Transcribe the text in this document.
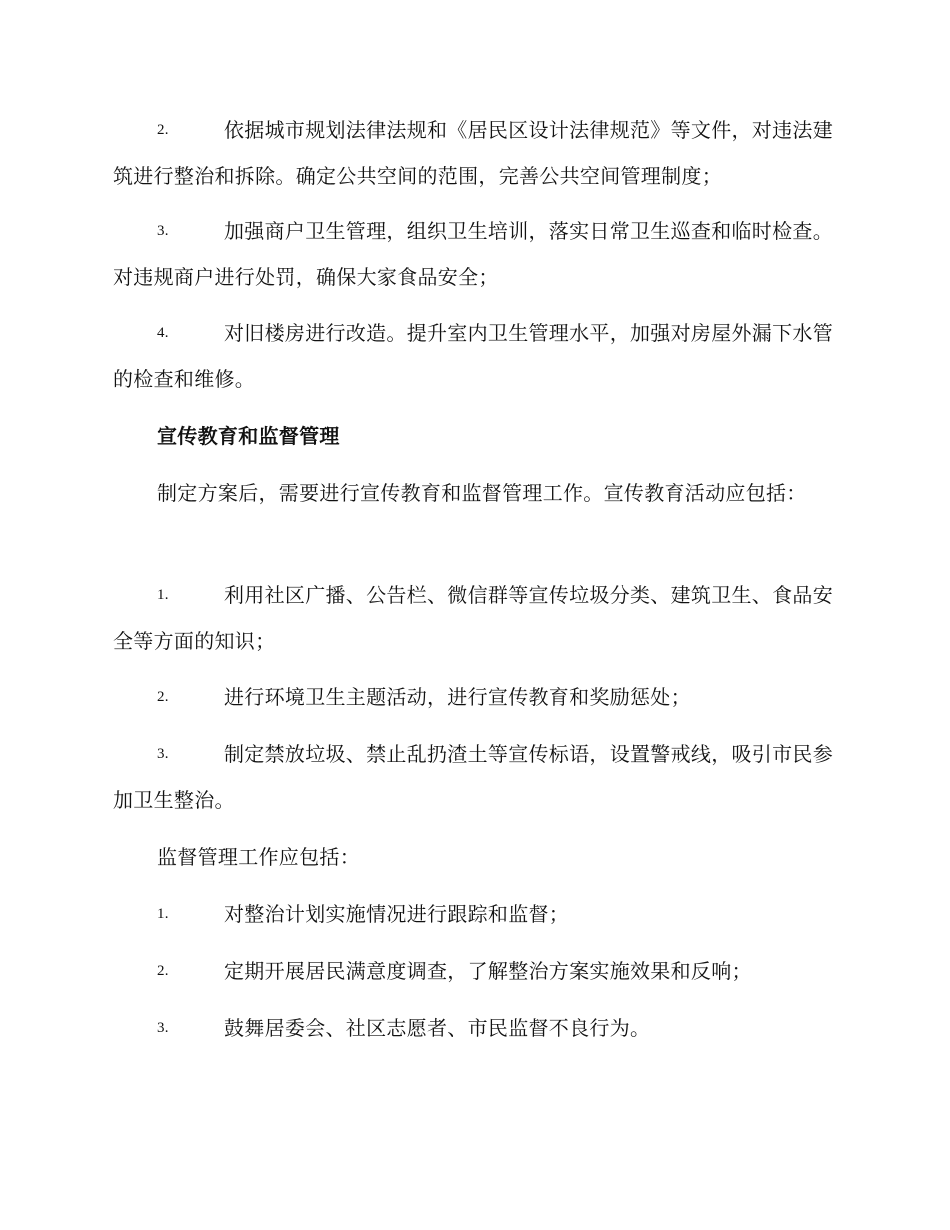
2.	依据城市规划法律法规和《居民区设计法律规范》等文件，对违法建筑进行整治和拆除。确定公共空间的范围，完善公共空间管理制度；
3.	加强商户卫生管理，组织卫生培训，落实日常卫生巡查和临时检查。对违规商户进行处罚，确保大家食品安全；
4.	对旧楼房进行改造。提升室内卫生管理水平，加强对房屋外漏下水管的检查和维修。
宣传教育和监督管理
制定方案后，需要进行宣传教育和监督管理工作。宣传教育活动应包括：
1.	利用社区广播、公告栏、微信群等宣传垃圾分类、建筑卫生、食品安全等方面的知识；
2.	进行环境卫生主题活动，进行宣传教育和奖励惩处；
3.	制定禁放垃圾、禁止乱扔渣土等宣传标语，设置警戒线，吸引市民参加卫生整治。
监督管理工作应包括：
1.	对整治计划实施情况进行跟踪和监督；
2.	定期开展居民满意度调查，了解整治方案实施效果和反响；
3.	鼓舞居委会、社区志愿者、市民监督不良行为。
